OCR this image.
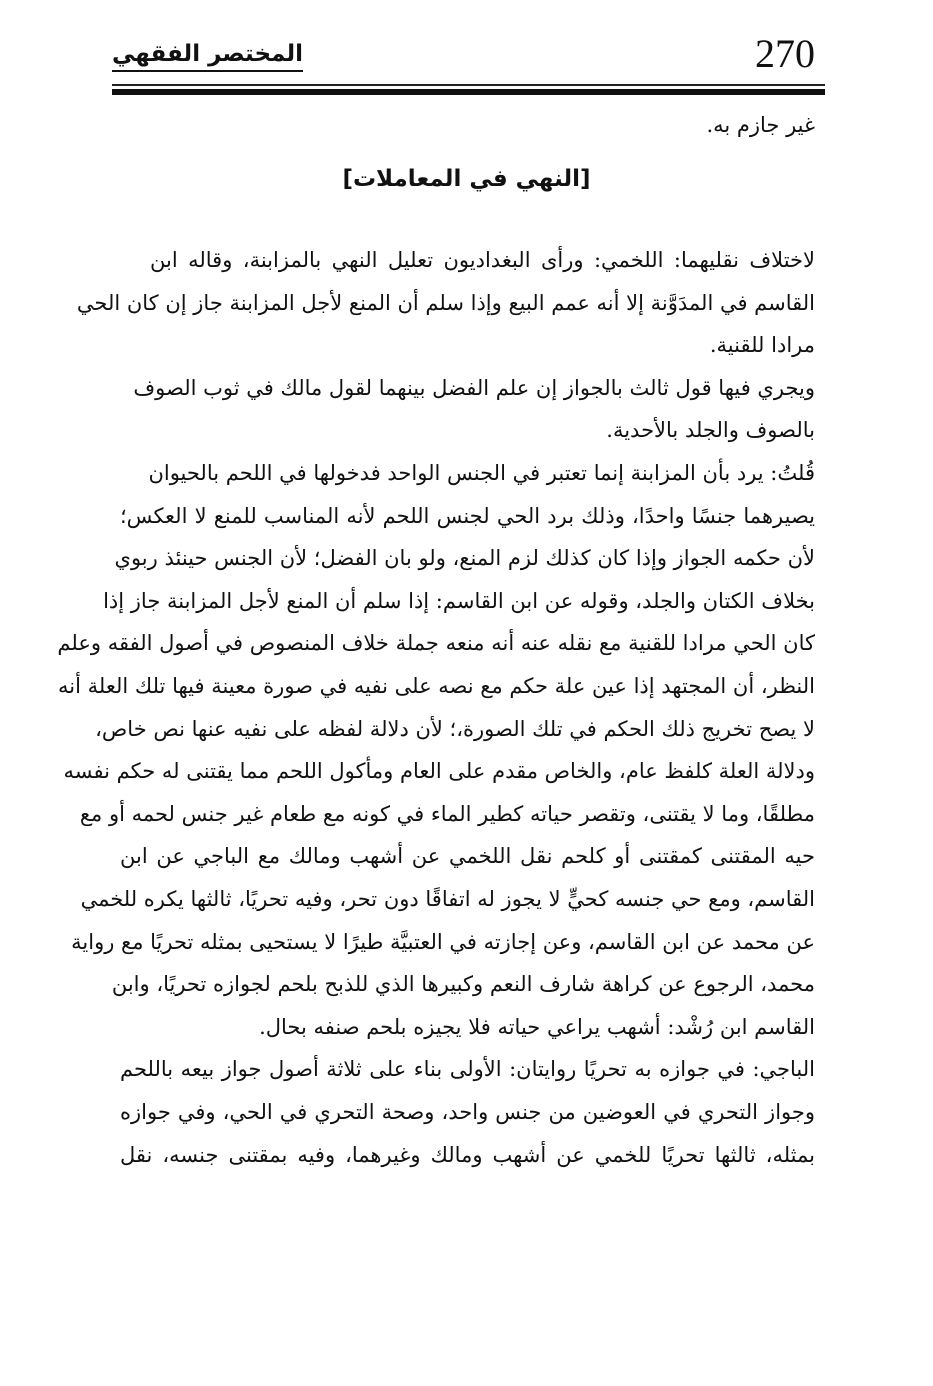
270
المختصر الفقهي
غير جازم به.
[النهي في المعاملات]
لاختلاف نقليهما: اللخمي: ورأى البغداديون تعليل النهي بالمزابنة، وقاله ابن
القاسم في المدَوَّنة إلا أنه عمم البيع وإذا سلم أن المنع لأجل المزابنة جاز إن كان الحي
مرادا للقنية.
ويجري فيها قول ثالث بالجواز إن علم الفضل بينهما لقول مالك في ثوب الصوف
بالصوف والجلد بالأحدية.
قُلتُ: يرد بأن المزابنة إنما تعتبر في الجنس الواحد فدخولها في اللحم بالحيوان
يصيرهما جنسًا واحدًا، وذلك برد الحي لجنس اللحم لأنه المناسب للمنع لا العكس؛
لأن حكمه الجواز وإذا كان كذلك لزم المنع، ولو بان الفضل؛ لأن الجنس حينئذ ربوي
بخلاف الكتان والجلد، وقوله عن ابن القاسم: إذا سلم أن المنع لأجل المزابنة جاز إذا
كان الحي مرادا للقنية مع نقله عنه أنه منعه جملة خلاف المنصوص في أصول الفقه وعلم
النظر، أن المجتهد إذا عين علة حكم مع نصه على نفيه في صورة معينة فيها تلك العلة أنه
لا يصح تخريج ذلك الحكم في تلك الصورة،؛ لأن دلالة لفظه على نفيه عنها نص خاص،
ودلالة العلة كلفظ عام، والخاص مقدم على العام ومأكول اللحم مما يقتنى له حكم نفسه
مطلقًا، وما لا يقتنى، وتقصر حياته كطير الماء في كونه مع طعام غير جنس لحمه أو مع
حيه المقتنى كمقتنى أو كلحم نقل اللخمي عن أشهب ومالك مع الباجي عن ابن
القاسم، ومع حي جنسه كحيٍّ لا يجوز له اتفاقًا دون تحر، وفيه تحريًا، ثالثها يكره للخمي
عن محمد عن ابن القاسم، وعن إجازته في العتبيَّة طيرًا لا يستحيى بمثله تحريًا مع رواية
محمد، الرجوع عن كراهة شارف النعم وكبيرها الذي للذبح بلحم لجوازه تحريًا، وابن
القاسم ابن رُشْد: أشهب يراعي حياته فلا يجيزه بلحم صنفه بحال.
الباجي: في جوازه به تحريًا روايتان: الأولى بناء على ثلاثة أصول جواز بيعه باللحم
وجواز التحري في العوضين من جنس واحد، وصحة التحري في الحي، وفي جوازه
بمثله، ثالثها تحريًا للخمي عن أشهب ومالك وغيرهما، وفيه بمقتنى جنسه، نقل
